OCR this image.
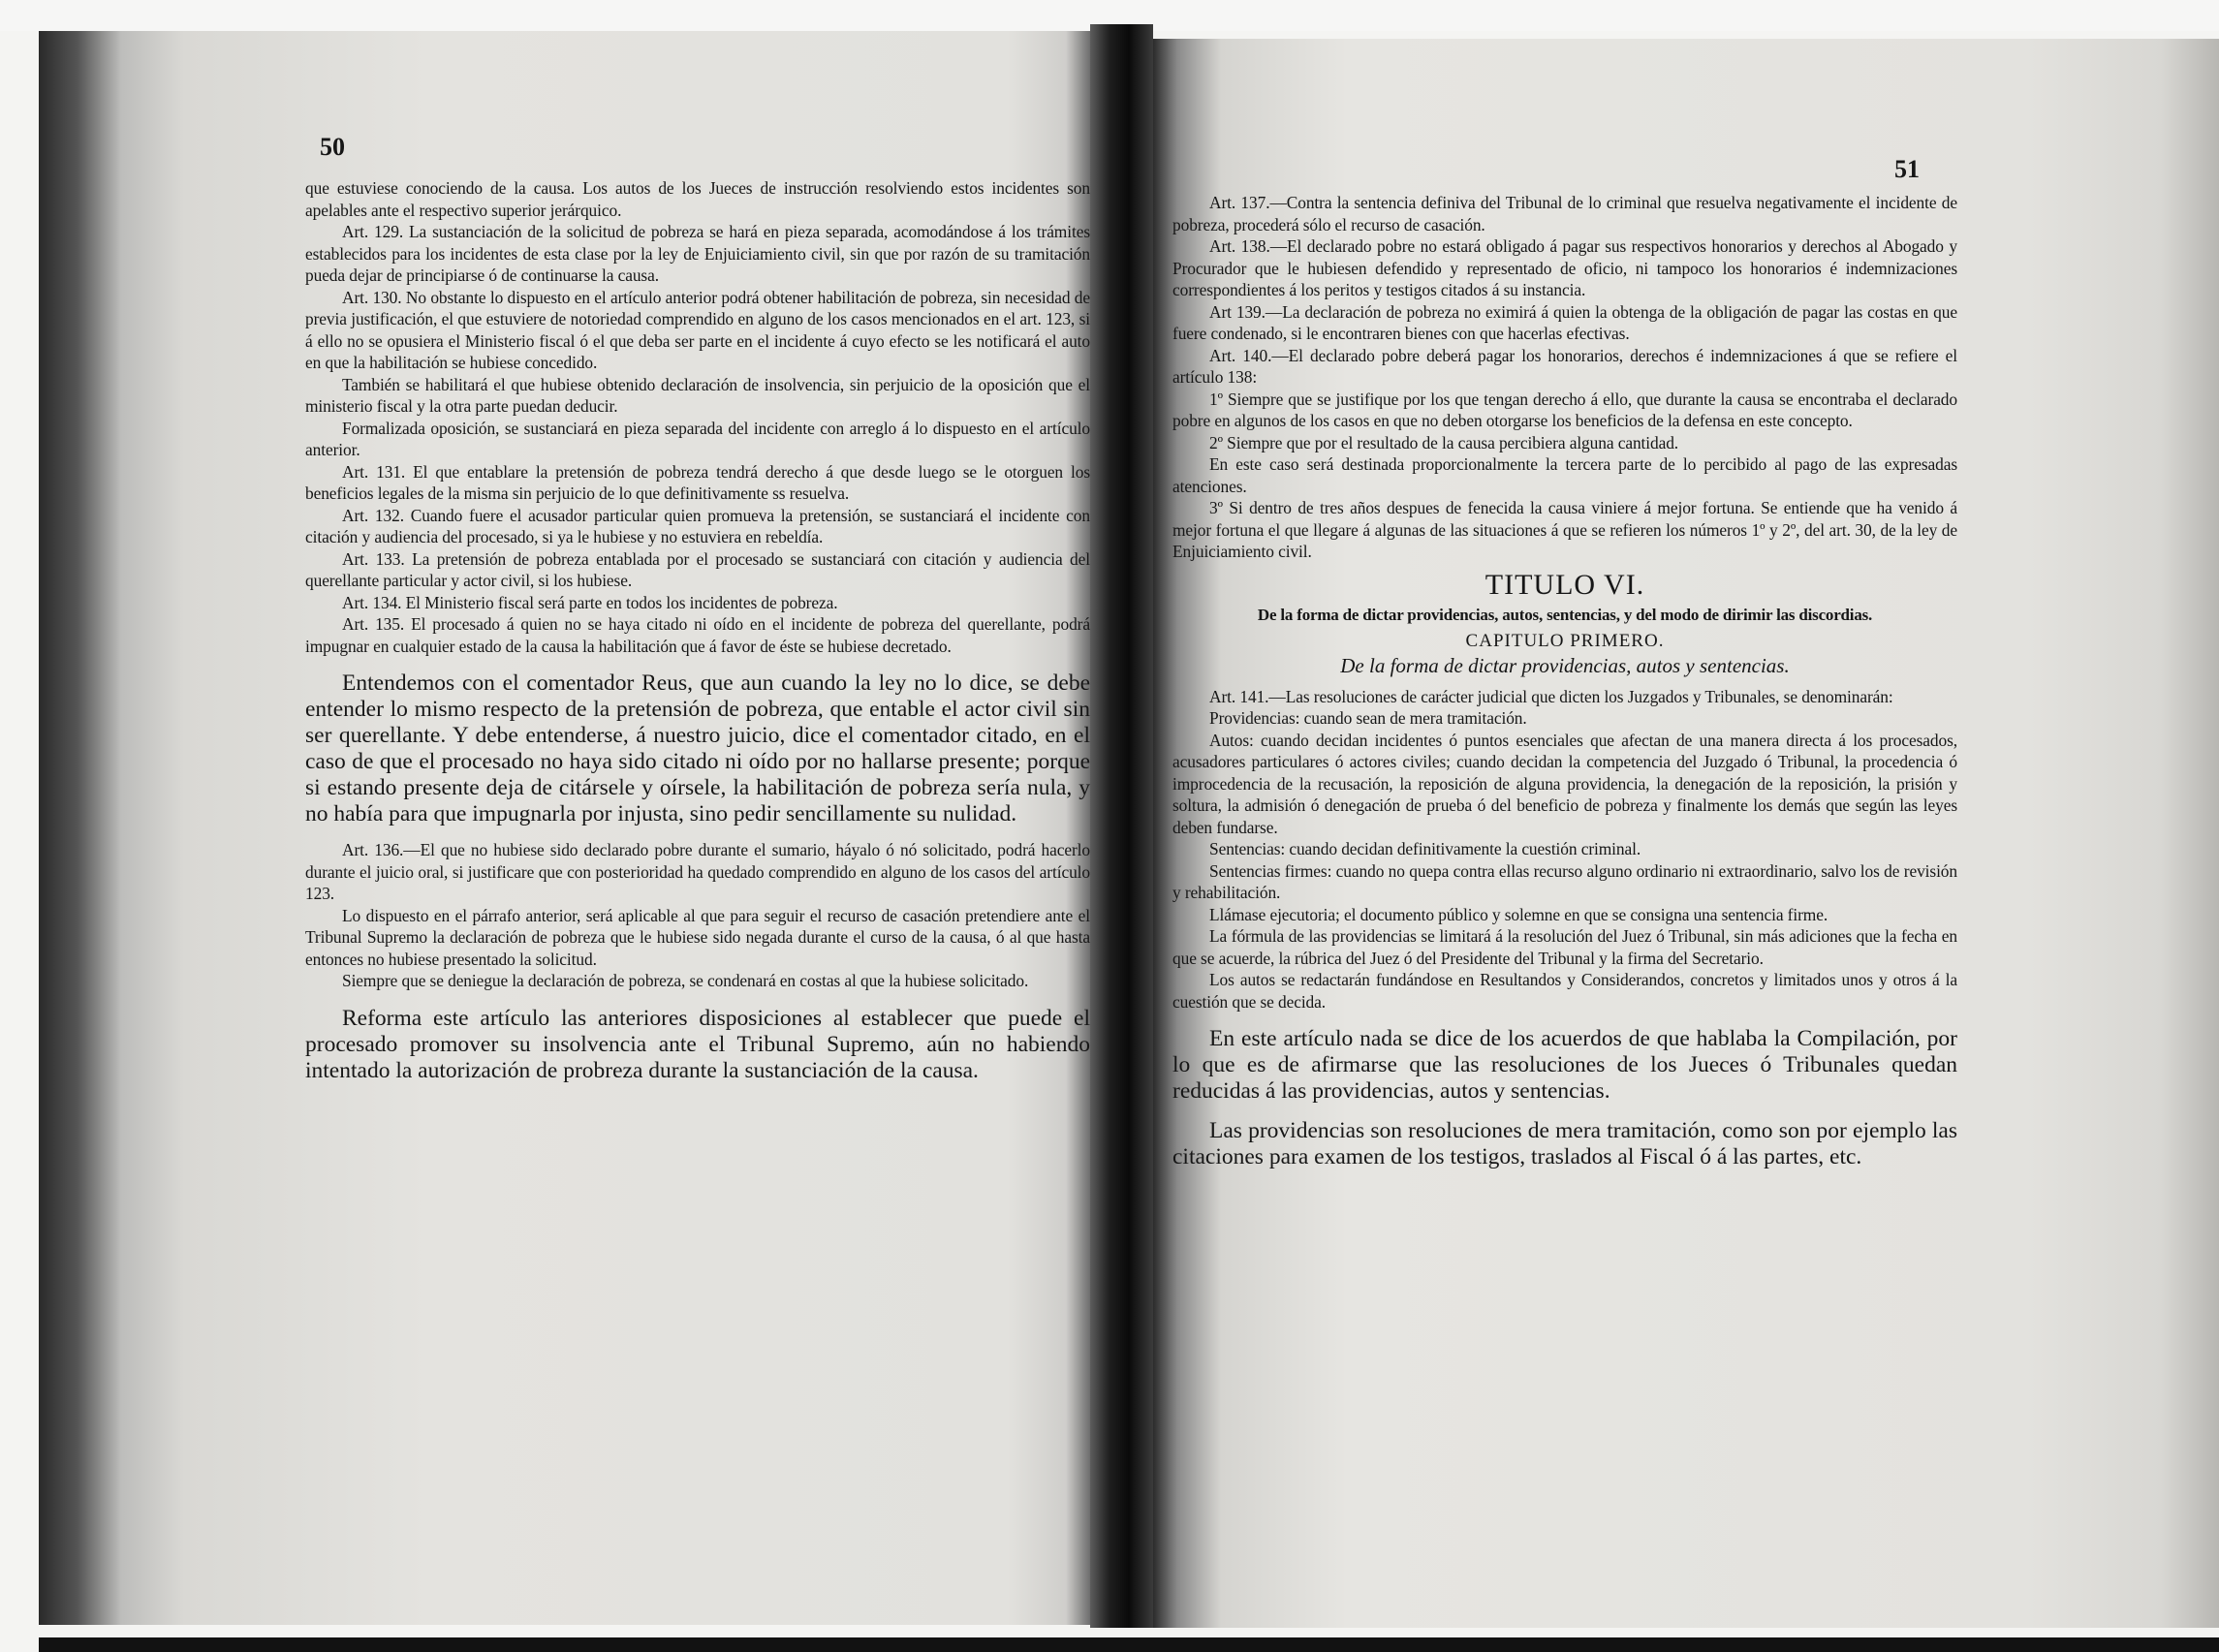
50
51

que estuviese conociendo de la causa. Los autos de los Jueces de instrucción resolviendo estos incidentes son apelables ante el respectivo superior jerárquico.

Art. 129. La sustanciación de la solicitud de pobreza se hará en pieza separada, acomodándose á los trámites establecidos para los incidentes de esta clase por la ley de Enjuiciamiento civil, sin que por razón de su tramitación pueda dejar de principiarse ó de continuarse la causa.

Art. 130. No obstante lo dispuesto en el artículo anterior podrá obtener habilitación de pobreza, sin necesidad de previa justificación, el que estuviere de notoriedad comprendido en alguno de los casos mencionados en el art. 123, si á ello no se opusiera el Ministerio fiscal ó el que deba ser parte en el incidente á cuyo efecto se les notificará el auto en que la habilitación se hubiese concedido.

También se habilitará el que hubiese obtenido declaración de insolvencia, sin perjuicio de la oposición que el ministerio fiscal y la otra parte puedan deducir.

Formalizada oposición, se sustanciará en pieza separada del incidente con arreglo á lo dispuesto en el artículo anterior.

Art. 131. El que entablare la pretensión de pobreza tendrá derecho á que desde luego se le otorguen los beneficios legales de la misma sin perjuicio de lo que definitivamente ss resuelva.

Art. 132. Cuando fuere el acusador particular quien promueva la pretensión, se sustanciará el incidente con citación y audiencia del procesado, si ya le hubiese y no estuviera en rebeldía.

Art. 133. La pretensión de pobreza entablada por el procesado se sustanciará con citación y audiencia del querellante particular y actor civil, si los hubiese.

Art. 134. El Ministerio fiscal será parte en todos los incidentes de pobreza.

Art. 135. El procesado á quien no se haya citado ni oído en el incidente de pobreza del querellante, podrá impugnar en cualquier estado de la causa la habilitación que á favor de éste se hubiese decretado.

Entendemos con el comentador Reus, que aun cuando la ley no lo dice, se debe entender lo mismo respecto de la pretensión de pobreza, que entable el actor civil sin ser querellante. Y debe entenderse, á nuestro juicio, dice el comentador citado, en el caso de que el procesado no haya sido citado ni oído por no hallarse presente; porque si estando presente deja de citársele y oírsele, la habilitación de pobreza sería nula, y no había para que impugnarla por injusta, sino pedir sencillamente su nulidad.

Art. 136.—El que no hubiese sido declarado pobre durante el sumario, háyalo ó nó solicitado, podrá hacerlo durante el juicio oral, si justificare que con posterioridad ha quedado comprendido en alguno de los casos del artículo 123.

Lo dispuesto en el párrafo anterior, será aplicable al que para seguir el recurso de casación pretendiere ante el Tribunal Supremo la declaración de pobreza que le hubiese sido negada durante el curso de la causa, ó al que hasta entonces no hubiese presentado la solicitud.

Siempre que se deniegue la declaración de pobreza, se condenará en costas al que la hubiese solicitado.

Reforma este artículo las anteriores disposiciones al establecer que puede el procesado promover su insolvencia ante el Tribunal Supremo, aún no habiendo intentado la autorización de probreza durante la sustanciación de la causa.

Art. 137.—Contra la sentencia definiva del Tribunal de lo criminal que resuelva negativamente el incidente de pobreza, procederá sólo el recurso de casación.

Art. 138.—El declarado pobre no estará obligado á pagar sus respectivos honorarios y derechos al Abogado y Procurador que le hubiesen defendido y representado de oficio, ni tampoco los honorarios é indemnizaciones correspondientes á los peritos y testigos citados á su instancia.

Art 139.—La declaración de pobreza no eximirá á quien la obtenga de la obligación de pagar las costas en que fuere condenado, si le encontraren bienes con que hacerlas efectivas.

Art. 140.—El declarado pobre deberá pagar los honorarios, derechos é indemnizaciones á que se refiere el artículo 138:

1º Siempre que se justifique por los que tengan derecho á ello, que durante la causa se encontraba el declarado pobre en algunos de los casos en que no deben otorgarse los beneficios de la defensa en este concepto.

2º Siempre que por el resultado de la causa percibiera alguna cantidad.

En este caso será destinada proporcionalmente la tercera parte de lo percibido al pago de las expresadas atenciones.

3º Si dentro de tres años despues de fenecida la causa viniere á mejor fortuna. Se entiende que ha venido á mejor fortuna el que llegare á algunas de las situaciones á que se refieren los números 1º y 2º, del art. 30, de la ley de Enjuiciamiento civil.

TITULO VI.
De la forma de dictar providencias, autos, sentencias, y del modo de dirimir las discordias.
CAPITULO PRIMERO.
De la forma de dictar providencias, autos y sentencias.

Art. 141.—Las resoluciones de carácter judicial que dicten los Juzgados y Tribunales, se denominarán:

Providencias: cuando sean de mera tramitación.

Autos: cuando decidan incidentes ó puntos esenciales que afectan de una manera directa á los procesados, acusadores particulares ó actores civiles; cuando decidan la competencia del Juzgado ó Tribunal, la procedencia ó improcedencia de la recusación, la reposición de alguna providencia, la denegación de la reposición, la prisión y soltura, la admisión ó denegación de prueba ó del beneficio de pobreza y finalmente los demás que según las leyes deben fundarse.

Sentencias: cuando decidan definitivamente la cuestión criminal.

Sentencias firmes: cuando no quepa contra ellas recurso alguno ordinario ni extraordinario, salvo los de revisión y rehabilitación.

Llámase ejecutoria; el documento público y solemne en que se consigna una sentencia firme.

La fórmula de las providencias se limitará á la resolución del Juez ó Tribunal, sin más adiciones que la fecha en que se acuerde, la rúbrica del Juez ó del Presidente del Tribunal y la firma del Secretario.

Los autos se redactarán fundándose en Resultandos y Considerandos, concretos y limitados unos y otros á la cuestión que se decida.

En este artículo nada se dice de los acuerdos de que hablaba la Compilación, por lo que es de afirmarse que las resoluciones de los Jueces ó Tribunales quedan reducidas á las providencias, autos y sentencias.

Las providencias son resoluciones de mera tramitación, como son por ejemplo las citaciones para examen de los testigos, traslados al Fiscal ó á las partes, etc.
